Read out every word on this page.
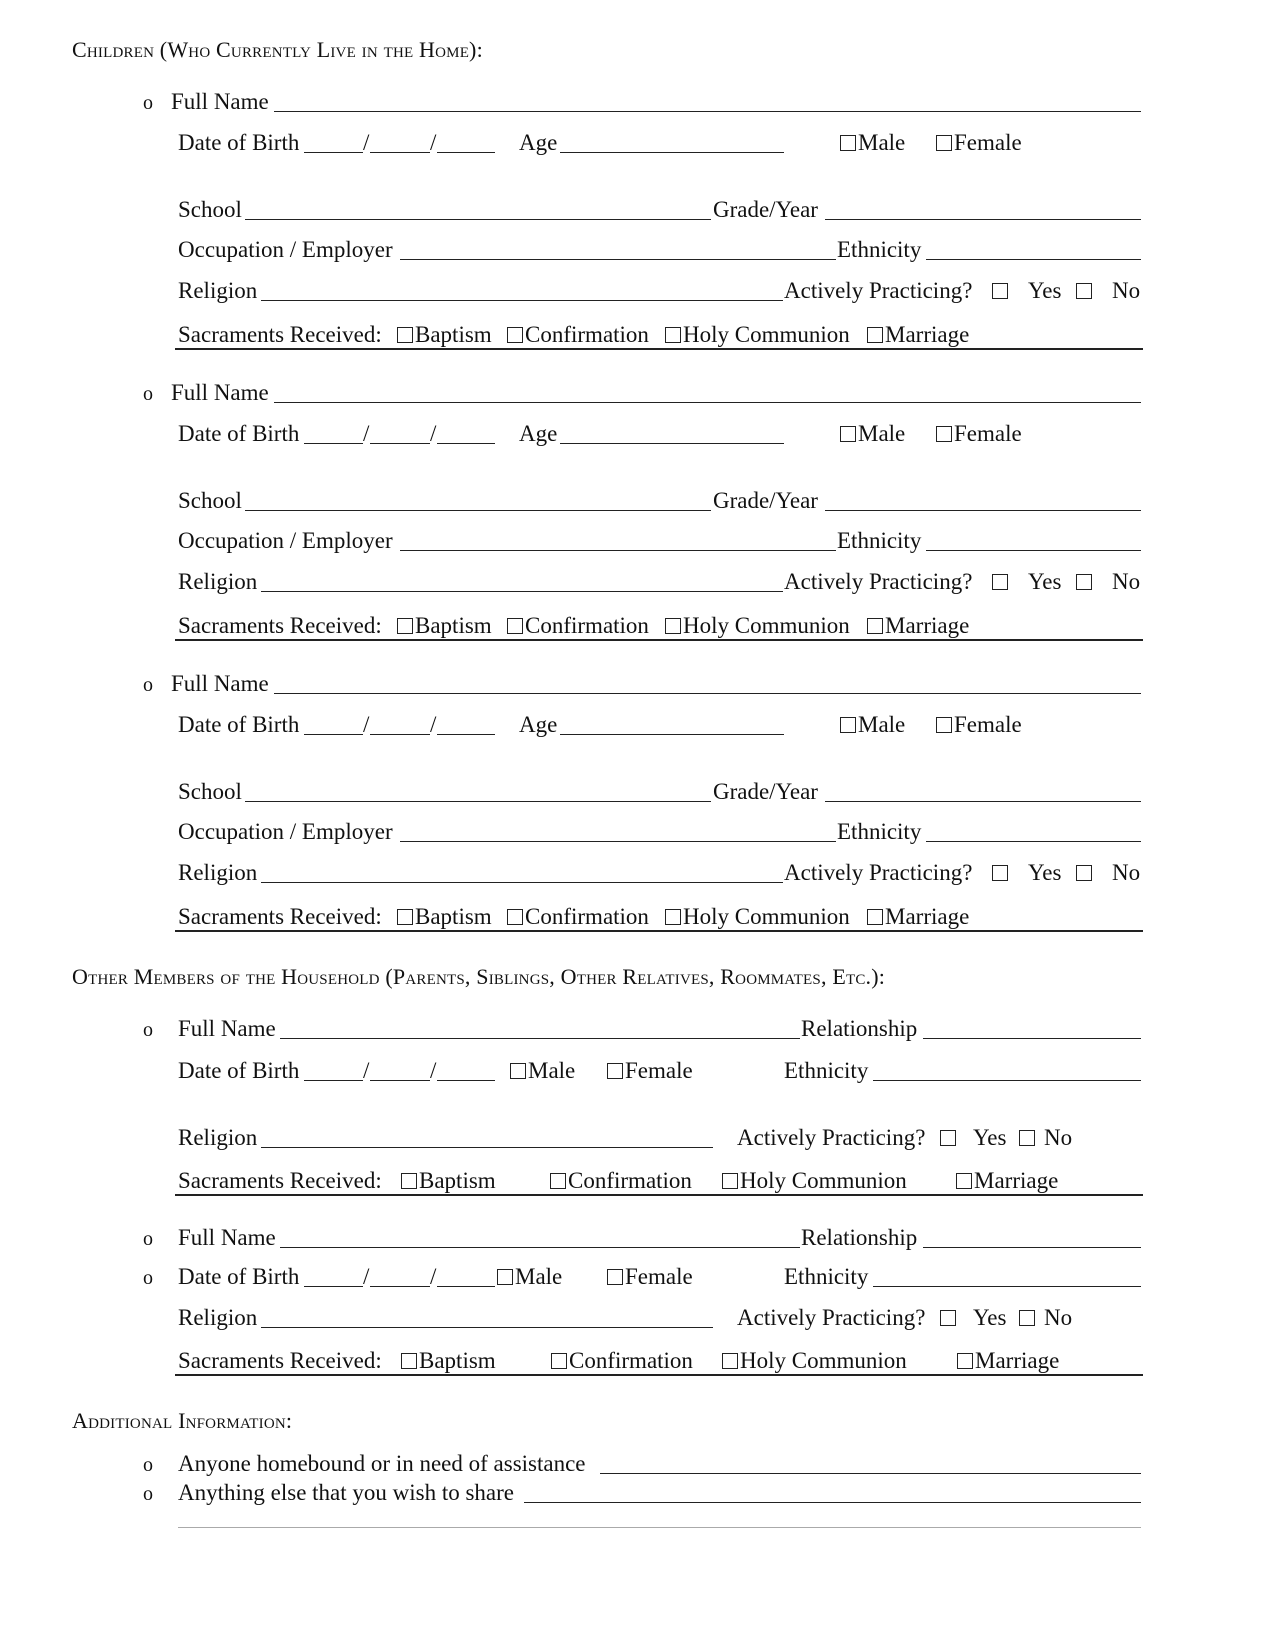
Children (Who Currently Live in the Home):
o Full Name
Date of Birth	/	/	Age	Male	Female
School	Grade/Year
Occupation / Employer	Ethnicity
Religion	Actively Practicing? Yes No
Sacraments Received:	Baptism	Confirmation	Holy Communion	Marriage
o Full Name
Date of Birth	/	/	Age	Male	Female
School	Grade/Year
Occupation / Employer	Ethnicity
Religion	Actively Practicing? Yes No
Sacraments Received:	Baptism	Confirmation	Holy Communion	Marriage
o Full Name
Date of Birth	/	/	Age	Male	Female
School	Grade/Year
Occupation / Employer	Ethnicity
Religion	Actively Practicing? Yes No
Sacraments Received:	Baptism	Confirmation	Holy Communion	Marriage
Other Members of the Household (Parents, Siblings, Other Relatives, Roommates, Etc.):
o Full Name	Relationship
Date of Birth	/	/	Male	Female	Ethnicity
Religion	Actively Practicing? Yes No
Sacraments Received:	Baptism	Confirmation	Holy Communion	Marriage
o Full Name	Relationship
o Date of Birth	/	/	Male	Female	Ethnicity
Religion	Actively Practicing? Yes No
Sacraments Received:	Baptism	Confirmation	Holy Communion	Marriage
Additional Information:
o Anyone homebound or in need of assistance
o Anything else that you wish to share
